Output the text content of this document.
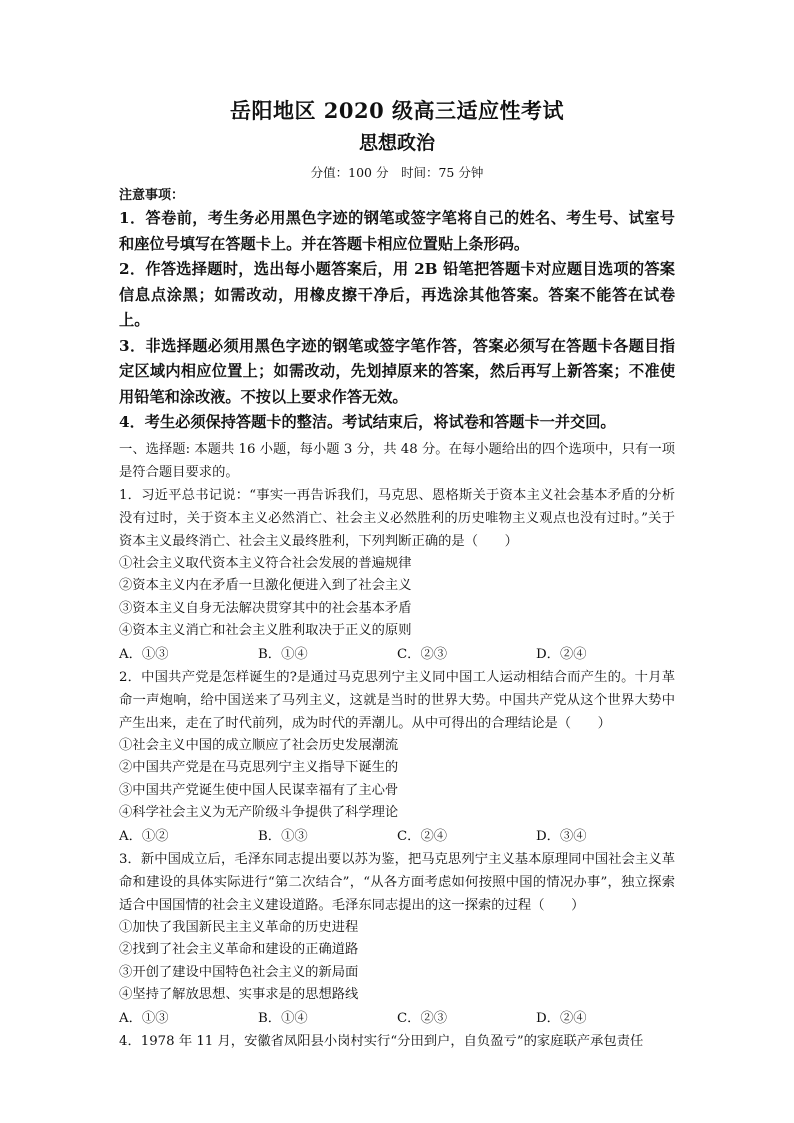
岳阳地区 2020 级高三适应性考试
思想政治
分值：100 分　时间：75 分钟
注意事项：
1．答卷前，考生务必用黑色字迹的钢笔或签字笔将自己的姓名、考生号、试室号和座位号填写在答题卡上。并在答题卡相应位置贴上条形码。
2．作答选择题时，选出每小题答案后，用 2B 铅笔把答题卡对应题目选项的答案信息点涂黑；如需改动，用橡皮擦干净后，再选涂其他答案。答案不能答在试卷上。
3．非选择题必须用黑色字迹的钢笔或签字笔作答，答案必须写在答题卡各题目指定区域内相应位置上；如需改动，先划掉原来的答案，然后再写上新答案；不准使用铅笔和涂改液。不按以上要求作答无效。
4．考生必须保持答题卡的整洁。考试结束后，将试卷和答题卡一并交回。
一、选择题: 本题共 16 小题，每小题 3 分，共 48 分。在每小题给出的四个选项中，只有一项是符合题目要求的。
1．习近平总书记说：“事实一再告诉我们，马克思、恩格斯关于资本主义社会基本矛盾的分析没有过时，关于资本主义必然消亡、社会主义必然胜利的历史唯物主义观点也没有过时。”关于资本主义最终消亡、社会主义最终胜利，下列判断正确的是（　　）
①社会主义取代资本主义符合社会发展的普遍规律
②资本主义内在矛盾一旦激化便进入到了社会主义
③资本主义自身无法解决贯穿其中的社会基本矛盾
④资本主义消亡和社会主义胜利取决于正义的原则
A．①③	B．①④	C．②③	D．②④
2．中国共产党是怎样诞生的?是通过马克思列宁主义同中国工人运动相结合而产生的。十月革命一声炮响，给中国送来了马列主义，这就是当时的世界大势。中国共产党从这个世界大势中产生出来，走在了时代前列，成为时代的弄潮儿。从中可得出的合理结论是（　　）
①社会主义中国的成立顺应了社会历史发展潮流
②中国共产党是在马克思列宁主义指导下诞生的
③中国共产党诞生使中国人民谋幸福有了主心骨
④科学社会主义为无产阶级斗争提供了科学理论
A．①②	B．①③	C．②④	D．③④
3．新中国成立后，毛泽东同志提出要以苏为鉴，把马克思列宁主义基本原理同中国社会主义革命和建设的具体实际进行“第二次结合”，“从各方面考虑如何按照中国的情况办事”，独立探索适合中国国情的社会主义建设道路。毛泽东同志提出的这一探索的过程（　　）
①加快了我国新民主主义革命的历史进程
②找到了社会主义革命和建设的正确道路
③开创了建设中国特色社会主义的新局面
④坚持了解放思想、实事求是的思想路线
A．①③	B．①④	C．②③	D．②④
4．1978 年 11 月，安徽省凤阳县小岗村实行“分田到户，自负盈亏”的家庭联产承包责任
